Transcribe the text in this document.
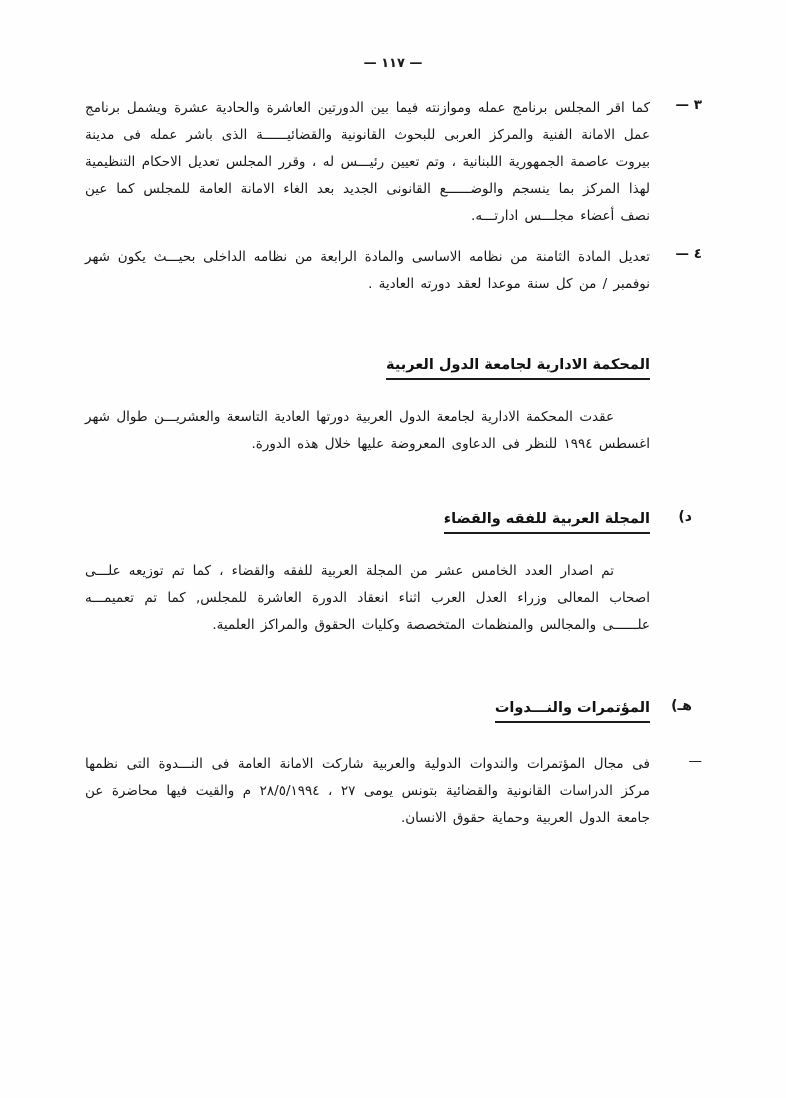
— ١١٧ —
٣ —

كما اقر المجلس برنامج عمله وموازنته فيما بين الدورتين العاشرة والحادية عشرة ويشمل برنامج عمل الامانة الفنية والمركز العربى للبحوث القانونية والقضائيــــــة الذى باشر عمله فى مدينة بيروت عاصمة الجمهورية اللبنانية ، وتم تعيين رئيـــس له ، وقرر المجلس تعديل الاحكام التنظيمية لهذا المركز بما ينسجم والوضــــــع القانونى الجديد بعد الغاء الامانة العامة للمجلس كما عين نصف أعضاء مجلـــس ادارتـــه.

٤ —

تعديل المادة الثامنة من نظامه الاساسى والمادة الرابعة من نظامه الداخلى بحيـــث يكون شهر نوفمبر / من كل سنة موعدا لعقد دورته العادية .

المحكمة الادارية لجامعة الدول العربية

عقدت المحكمة الادارية لجامعة الدول العربية دورتها العادية التاسعة والعشريـــن طوال شهر اغسطس ١٩٩٤ للنظر فى الدعاوى المعروضة عليها خلال هذه الدورة.

د)
المجلة العربية للفقه والقضاء

تم اصدار العدد الخامس عشر من المجلة العربية للفقه والقضاء ، كما تم توزيعه علـــى اصحاب المعالى وزراء العدل العرب اثناء انعقاد الدورة العاشرة للمجلس, كما تم تعميمـــه علــــــى والمجالس والمنظمات المتخصصة وكليات الحقوق والمراكز العلمية.

هـ)
المؤتمرات والنـــدوات
—

فى مجال المؤتمرات والندوات الدولية والعربية شاركت الامانة العامة فى النـــدوة التى نظمها مركز الدراسات القانونية والقضائية بتونس يومى ٢٧ ، ٢٨/٥/١٩٩٤ م والقيت فيها محاضرة عن جامعة الدول العربية وحماية حقوق الانسان.
